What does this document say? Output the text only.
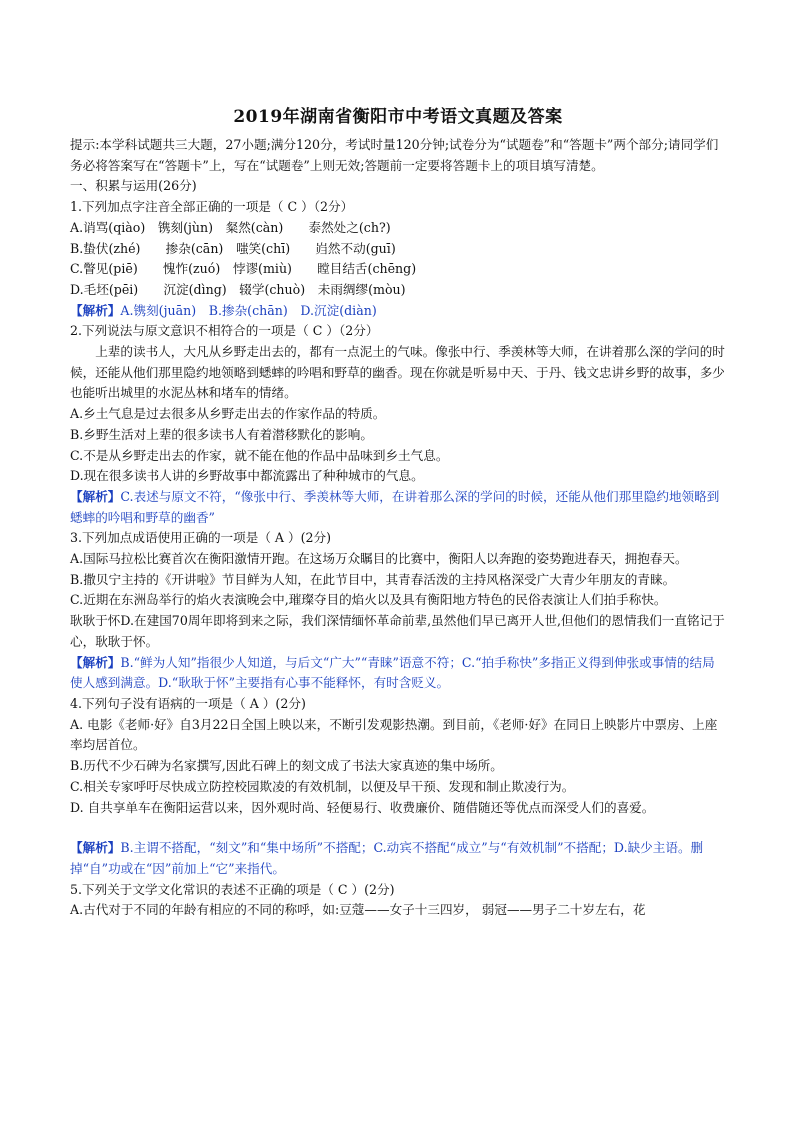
2019年湖南省衡阳市中考语文真题及答案
提示:本学科试题共三大题，27小题;满分120分，考试时量120分钟;试卷分为“试题卷”和“答题卡”两个部分;请同学们务必将答案写在“答题卡”上，写在“试题卷”上则无效;答题前一定要将答题卡上的项目填写清楚。
一、积累与运用(26分)
1.下列加点字注音全部正确的一项是（ C ）（2分）
A.诮骂(qiào)　镌刻(jùn)　粲然(càn)　　泰然处之(ch?)
B.蛰伏(zhé)　　掺杂(cān)　嗤笑(chī)　　岿然不动(guī)
C.瞥见(piē)　　愧怍(zuó)　悖谬(miù)　　瞠目结舌(chēng)
D.毛坯(pēi)　　沉淀(dìng)　辍学(chuò)　未雨绸缪(mòu)
【解析】A.镌刻(juān)　B.掺杂(chān)　D.沉淀(diàn)
2.下列说法与原文意识不相符合的一项是（ C ）（2分）
上辈的读书人，大凡从乡野走出去的，都有一点泥土的气味。像张中行、季羡林等大师，在讲着那么深的学问的时候，还能从他们那里隐约地领略到蟋蟀的吟唱和野草的幽香。现在你就是听易中天、于丹、钱文忠讲乡野的故事，多少也能听出城里的水泥丛林和堵车的情绪。
A.乡土气息是过去很多从乡野走出去的作家作品的特质。
B.乡野生活对上辈的很多读书人有着潜移默化的影响。
C.不是从乡野走出去的作家，就不能在他的作品中品味到乡土气息。
D.现在很多读书人讲的乡野故事中都流露出了种种城市的气息。
【解析】C.表述与原文不符，“像张中行、季羡林等大师，在讲着那么深的学问的时候，还能从他们那里隐约地领略到蟋蟀的吟唱和野草的幽香”
3.下列加点成语使用正确的一项是（ A ）(2分)
A.国际马拉松比赛首次在衡阳激情开跑。在这场万众瞩目的比赛中，衡阳人以奔跑的姿势跑进春天，拥抱春天。
B.撒贝宁主持的《开讲啦》节目鲜为人知，在此节目中，其青春活泼的主持风格深受广大青少年朋友的青睐。
C.近期在东洲岛举行的焰火表演晚会中,璀璨夺目的焰火以及具有衡阳地方特色的民俗表演让人们拍手称快。
耿耿于怀D.在建国70周年即将到来之际，我们深情缅怀革命前辈,虽然他们早已离开人世,但他们的恩情我们一直铭记于心，耿耿于怀。
【解析】B.“鲜为人知”指很少人知道，与后文“广大”“青睐”语意不符；C.“拍手称快”多指正义得到伸张或事情的结局使人感到满意。D.“耿耿于怀”主要指有心事不能释怀，有时含贬义。
4.下列句子没有语病的一项是（ A ）(2分)
A. 电影《老师·好》自3月22日全国上映以来，不断引发观影热潮。到目前，《老师·好》在同日上映影片中票房、上座率均居首位。
B.历代不少石碑为名家撰写,因此石碑上的刻文成了书法大家真迹的集中场所。
C.相关专家呼吁尽快成立防控校园欺凌的有效机制，以便及早干预、发现和制止欺凌行为。
D. 自共享单车在衡阳运营以来，因外观时尚、轻便易行、收费廉价、随借随还等优点而深受人们的喜爱。
【解析】B.主谓不搭配，“刻文”和“集中场所”不搭配；C.动宾不搭配“成立”与“有效机制”不搭配；D.缺少主语。删掉“自”功或在“因”前加上“它”来指代。
5.下列关于文学文化常识的表述不正确的项是（ C ）(2分)
A.古代对于不同的年龄有相应的不同的称呼，如:豆蔻——女子十三四岁， 弱冠——男子二十岁左右，花
